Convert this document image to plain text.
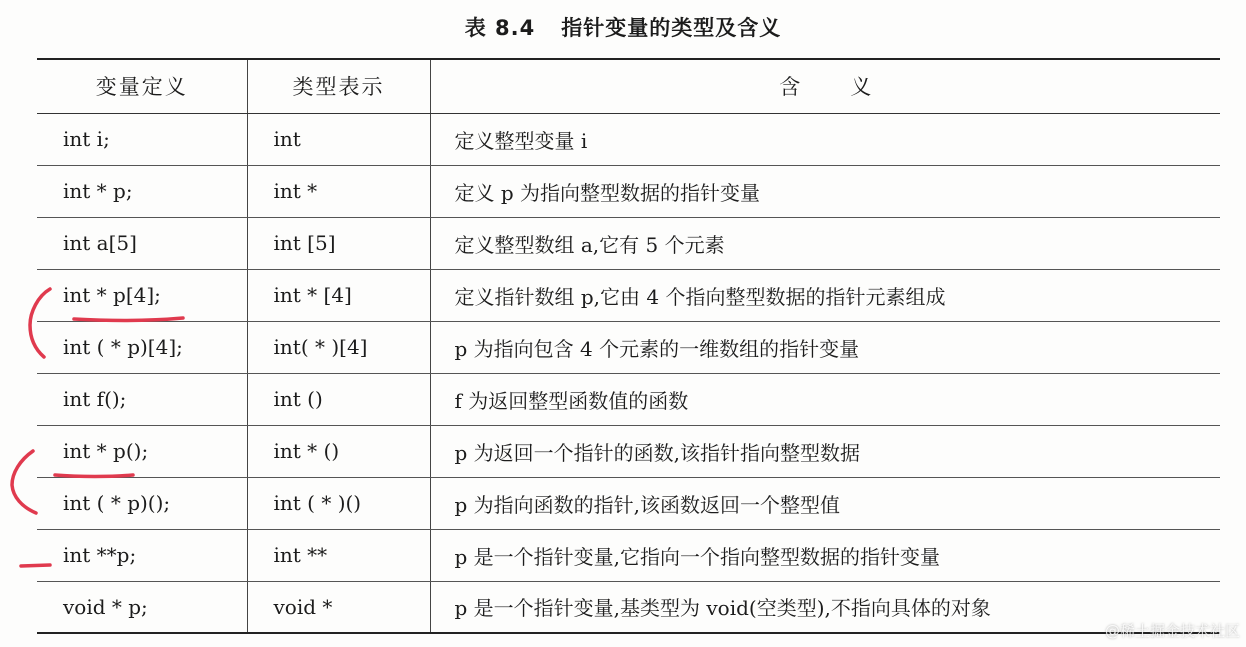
表 8.4 指针变量的类型及含义
变量定义	类型表示	含义
int i;	int	定义整型变量 i
int * p;	int *	定义 p 为指向整型数据的指针变量
int a[5]	int [5]	定义整型数组 a,它有 5 个元素
int * p[4];	int * [4]	定义指针数组 p,它由 4 个指向整型数据的指针元素组成
int ( * p)[4];	int( * )[4]	p 为指向包含 4 个元素的一维数组的指针变量
int f();	int ()	f 为返回整型函数值的函数
int * p();	int * ()	p 为返回一个指针的函数,该指针指向整型数据
int ( * p)();	int ( * )()	p 为指向函数的指针,该函数返回一个整型值
int **p;	int **	p 是一个指针变量,它指向一个指向整型数据的指针变量
void * p;	void *	p 是一个指针变量,基类型为 void(空类型),不指向具体的对象
@稀土掘金技术社区
